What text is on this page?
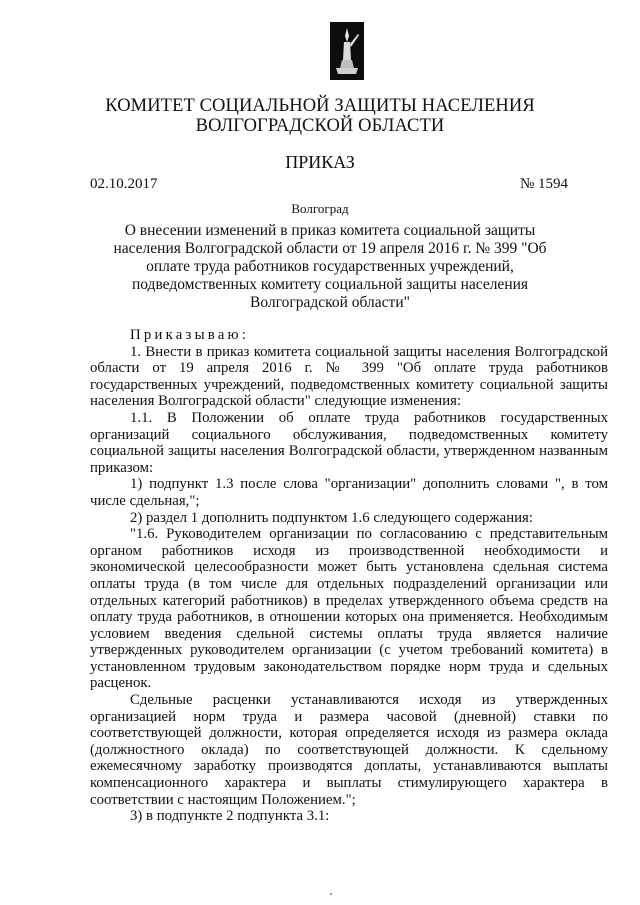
КОМИТЕТ СОЦИАЛЬНОЙ ЗАЩИТЫ НАСЕЛЕНИЯ
ВОЛГОГРАДСКОЙ ОБЛАСТИ
ПРИКАЗ
02.10.2017	№ 1594
Волгоград
О внесении изменений в приказ комитета социальной защиты населения Волгоградской области от 19 апреля 2016 г. № 399 "Об оплате труда работников государственных учреждений, подведомственных комитету социальной защиты населения Волгоградской области"

Приказываю:

1. Внести в приказ комитета социальной защиты населения Волгоградской области от 19 апреля 2016 г. № 399 "Об оплате труда работников государственных учреждений, подведомственных комитету социальной защиты населения Волгоградской области" следующие изменения:

1.1. В Положении об оплате труда работников государственных организаций социального обслуживания, подведомственных комитету социальной защиты населения Волгоградской области, утвержденном названным приказом:

1) подпункт 1.3 после слова "организации" дополнить словами ", в том числе сдельная,";

2) раздел 1 дополнить подпунктом 1.6 следующего содержания:

"1.6. Руководителем организации по согласованию с представительным органом работников исходя из производственной необходимости и экономической целесообразности может быть установлена сдельная система оплаты труда (в том числе для отдельных подразделений организации или отдельных категорий работников) в пределах утвержденного объема средств на оплату труда работников, в отношении которых она применяется. Необходимым условием введения сдельной системы оплаты труда является наличие утвержденных руководителем организации (с учетом требований комитета) в установленном трудовым законодательством порядке норм труда и сдельных расценок.

Сдельные расценки устанавливаются исходя из утвержденных организацией норм труда и размера часовой (дневной) ставки по соответствующей должности, которая определяется исходя из размера оклада (должностного оклада) по соответствующей должности. К сдельному ежемесячному заработку производятся доплаты, устанавливаются выплаты компенсационного характера и выплаты стимулирующего характера в соответствии с настоящим Положением.";

3) в подпункте 2 подпункта 3.1:
